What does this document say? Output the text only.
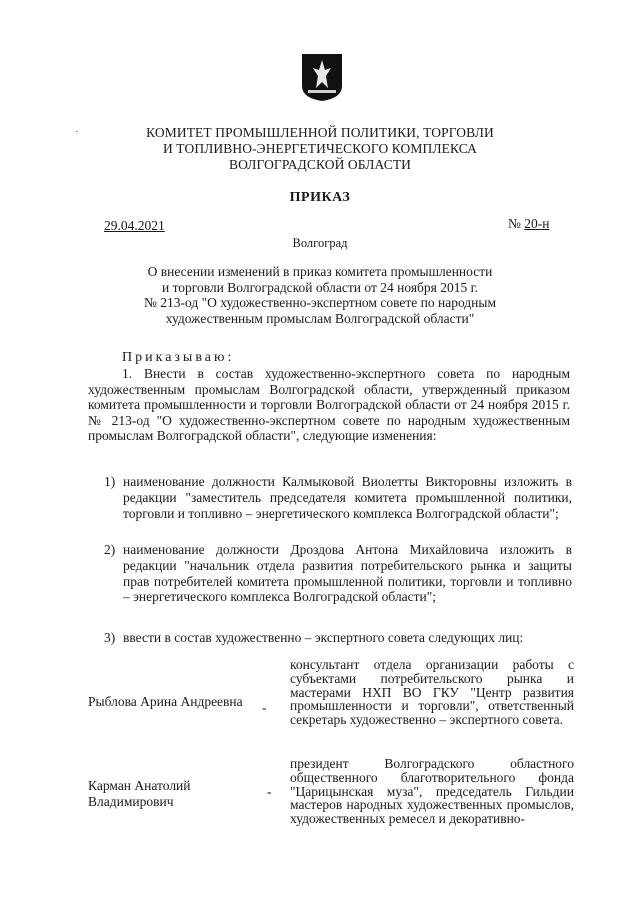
КОМИТЕТ ПРОМЫШЛЕННОЙ ПОЛИТИКИ, ТОРГОВЛИ
И ТОПЛИВНО-ЭНЕРГЕТИЧЕСКОГО КОМПЛЕКСА
ВОЛГОГРАДСКОЙ ОБЛАСТИ
ПРИКАЗ
29.04.2021	№ 20-н
Волгоград
О внесении изменений в приказ комитета промышленности
и торговли Волгоградской области от 24 ноября 2015 г.
№ 213-од "О художественно-экспертном совете по народным
художественным промыслам Волгоградской области"
Приказываю:
1. Внести в состав художественно-экспертного совета по народным художественным промыслам Волгоградской области, утвержденный приказом комитета промышленности и торговли Волгоградской области от 24 ноября 2015 г. № 213-од "О художественно-экспертном совете по народным художественным промыслам Волгоградской области", следующие изменения:
1) наименование должности Калмыковой Виолетты Викторовны изложить в редакции "заместитель председателя комитета промышленной политики, торговли и топливно – энергетического комплекса Волгоградской области";
2) наименование должности Дроздова Антона Михайловича изложить в редакции "начальник отдела развития потребительского рынка и защиты прав потребителей комитета промышленной политики, торговли и топливно – энергетического комплекса Волгоградской области";
3) ввести в состав художественно – экспертного совета следующих лиц:
Рыблова Арина Андреевна	-
консультант отдела организации работы с субъектами потребительского рынка и мастерами НХП ВО ГКУ "Центр развития промышленности и торговли", ответственный секретарь художественно – экспертного совета.
Карман Анатолий Владимирович
-
президент Волгоградского областного общественного благотворительного фонда "Царицынская муза", председатель Гильдии мастеров народных художественных промыслов, художественных ремесел и декоративно-
